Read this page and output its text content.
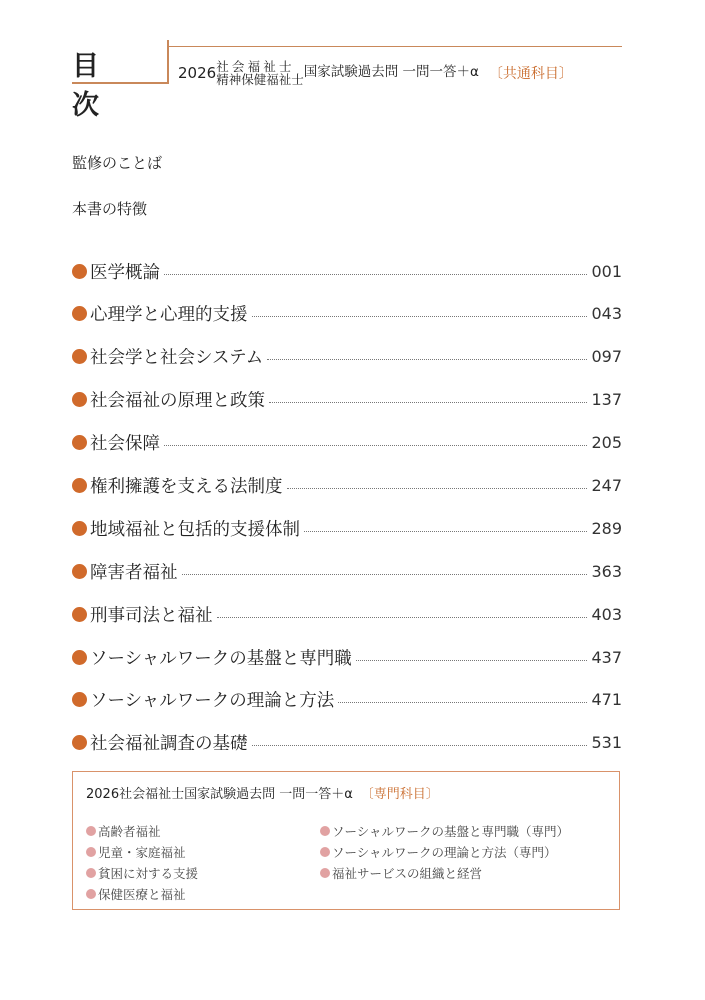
目　次
2026 社会福祉士
精神保健福祉士 国家試験過去問 一問一答＋α 〔共通科目〕
監修のことば
本書の特徴
医学概論	001
心理学と心理的支援	043
社会学と社会システム	097
社会福祉の原理と政策	137
社会保障	205
権利擁護を支える法制度	247
地域福祉と包括的支援体制	289
障害者福祉	363
刑事司法と福祉	403
ソーシャルワークの基盤と専門職	437
ソーシャルワークの理論と方法	471
社会福祉調査の基礎	531
2026社会福祉士国家試験過去問 一問一答＋α 〔専門科目〕
高齢者福祉
児童・家庭福祉
貧困に対する支援
保健医療と福祉
ソーシャルワークの基盤と専門職（専門）
ソーシャルワークの理論と方法（専門）
福祉サービスの組織と経営
